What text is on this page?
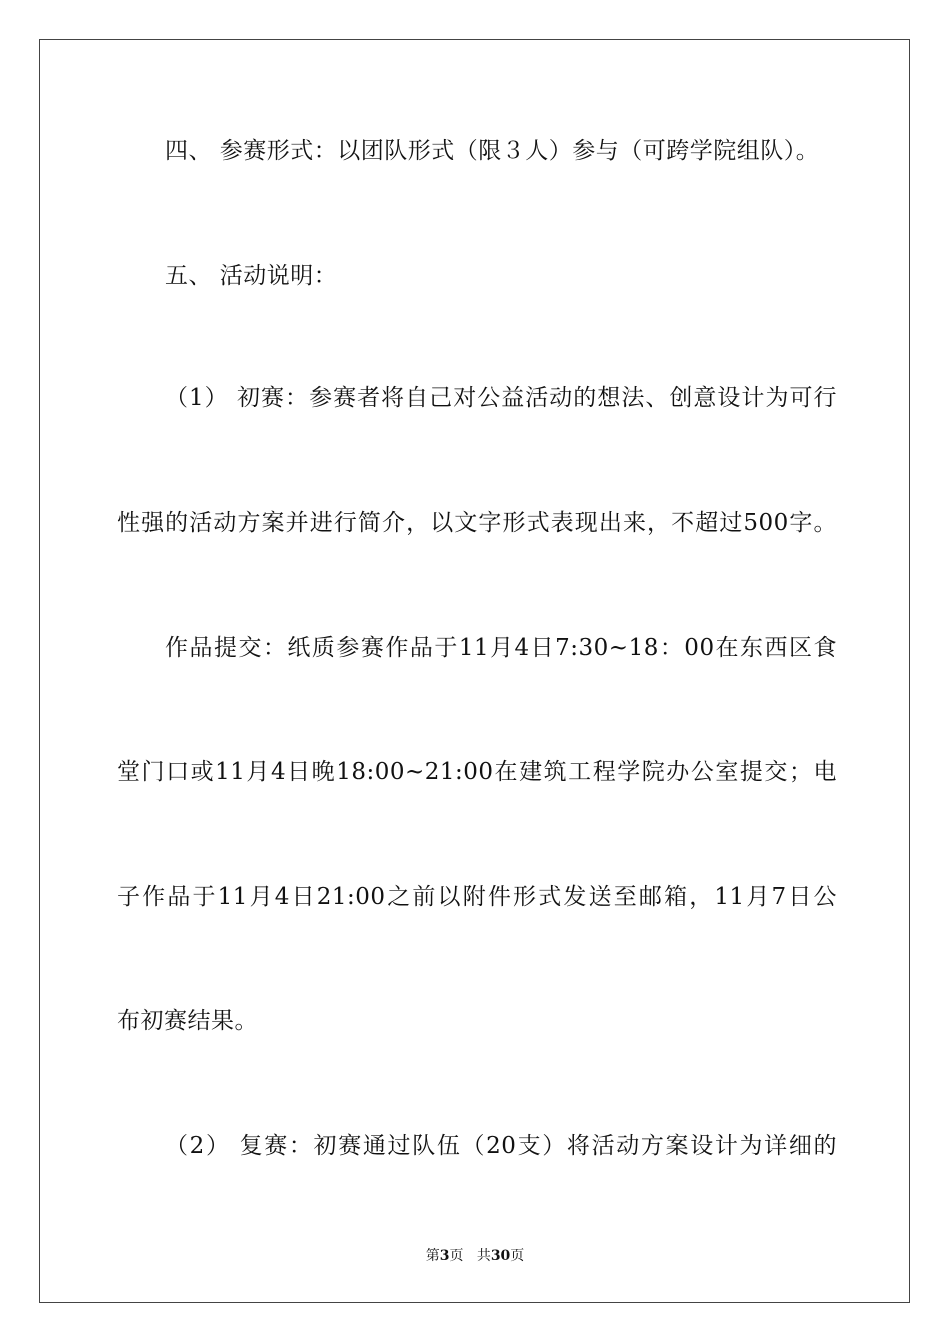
四、 参赛形式：以团队形式（限３人）参与（可跨学院组队）。
五、 活动说明：
（1） 初赛：参赛者将自己对公益活动的想法、创意设计为可行
性强的活动方案并进行简介，以文字形式表现出来，不超过500字。
作品提交：纸质参赛作品于11月4日7:30~18：00在东西区食
堂门口或11月4日晚18:00~21:00在建筑工程学院办公室提交；电
子作品于11月4日21:00之前以附件形式发送至邮箱，11月7日公
布初赛结果。
（2） 复赛：初赛通过队伍（20支）将活动方案设计为详细的
第3页 共30页
